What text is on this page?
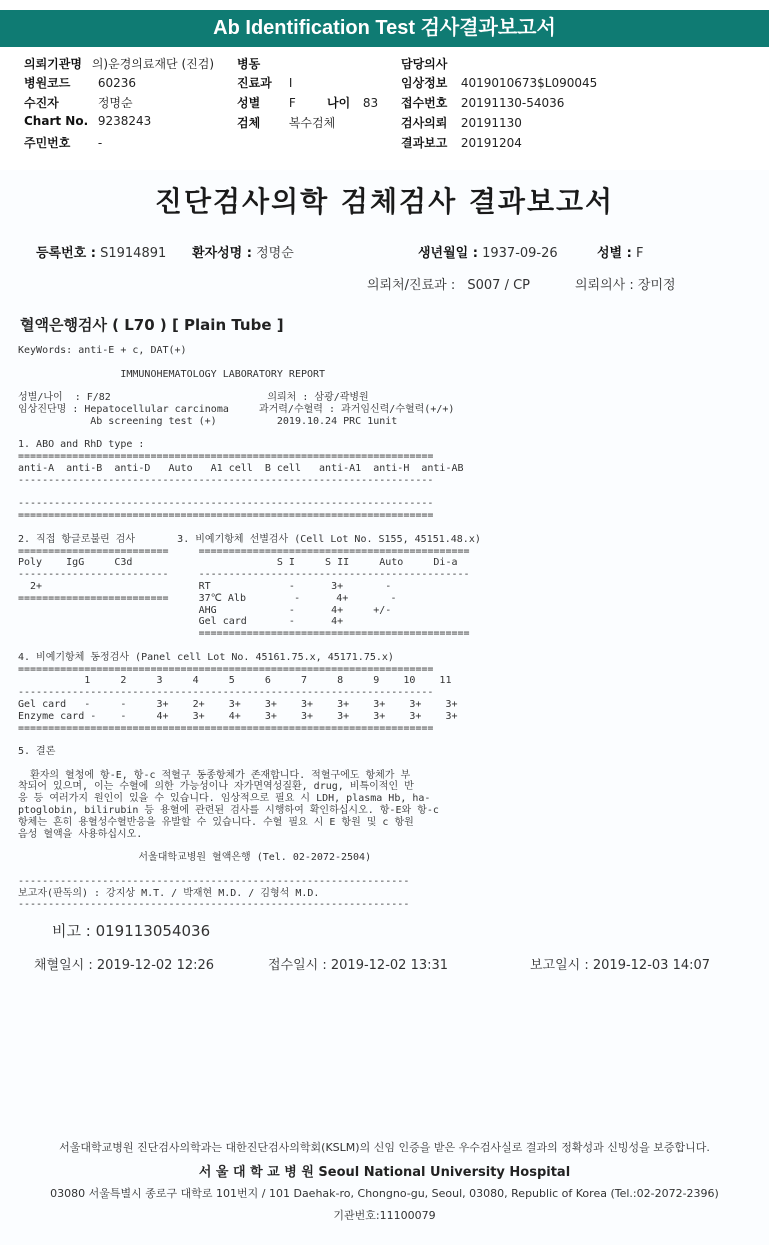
Ab Identification Test 검사결과보고서
의뢰기관명 의)운경의료재단 (진검) 병동	담당의사
병원코드 60236	진료과 I	임상정보 4019010673$L090045
수진자	정명순	성별 F	나이 83 접수번호 20191130-54036
Chart No. 9238243	검체 복수검체	검사의뢰 20191130
주민번호 -	결과보고 20191204
진단검사의학 검체검사 결과보고서
등록번호 : S1914891 환자성명 : 정명순	생년월일 : 1937-09-26	성별 : F
의뢰처/진료과 : S007 / CP	의뢰의사 : 장미정
혈액은행검사 ( L70 ) [ Plain Tube ]
KeyWords: anti-E + c, DAT(+)

IMMUNOHEMATOLOGY LABORATORY REPORT

성별/나이  : F/82                          의뢰처 : 삼광/곽병원
임상진단명 : Hepatocellular carcinoma     과거력/수혈력 : 과거임신력/수혈력(+/+)
Ab screening test (+)          2019.10.24 PRC 1unit

1. ABO and RhD type :
=====================================================================
anti-A  anti-B  anti-D   Auto   A1 cell  B cell   anti-A1  anti-H  anti-AB
---------------------------------------------------------------------

---------------------------------------------------------------------
=====================================================================

2. 직접 항글로불린 검사       3. 비예기항체 선별검사 (Cell Lot No. S155, 45151.48.x)
=========================     =============================================
Poly    IgG     C3d                        S I     S II     Auto     Di-a
-------------------------     ---------------------------------------------
2+                          RT             -      3+       -
=========================     37℃ Alb        -      4+       -
AHG            -      4+     +/-
Gel card       -      4+
=============================================

4. 비예기항체 동정검사 (Panel cell Lot No. 45161.75.x, 45171.75.x)
=====================================================================
1     2     3     4     5     6     7     8     9    10    11
---------------------------------------------------------------------
Gel card   -     -     3+    2+    3+    3+    3+    3+    3+    3+    3+
Enzyme card -    -     4+    3+    4+    3+    3+    3+    3+    3+    3+
=====================================================================

5. 결론

환자의 혈청에 항-E, 항-c 적혈구 동종항체가 존재합니다. 적혈구에도 항체가 부
착되어 있으며, 이는 수혈에 의한 가능성이나 자가면역성질환, drug, 비특이적인 반
응 등 여러가지 원인이 있을 수 있습니다. 임상적으로 필요 시 LDH, plasma Hb, ha-
ptoglobin, bilirubin 등 용혈에 관련된 검사를 시행하여 확인하십시오. 항-E와 항-c
항체는 흔히 용혈성수혈반응을 유발할 수 있습니다. 수혈 필요 시 E 항원 및 c 항원
음성 혈액을 사용하십시오.

서울대학교병원 혈액은행 (Tel. 02-2072-2504)

-----------------------------------------------------------------
보고자(판독의) : 강지상 M.T. / 박재현 M.D. / 김형석 M.D.
-----------------------------------------------------------------
비고 : 019113054036
채혈일시 : 2019-12-02 12:26	접수일시 : 2019-12-02 13:31	보고일시 : 2019-12-03 14:07
서울대학교병원 진단검사의학과는 대한진단검사의학회(KSLM)의 신임 인증을 받은 우수검사실로 결과의 정확성과 신빙성을 보증합니다.
서 울 대 학 교 병 원 Seoul National University Hospital
03080 서울특별시 종로구 대학로 101번지 / 101 Daehak-ro, Chongno-gu, Seoul, 03080, Republic of Korea (Tel.:02-2072-2396)
기관번호:11100079
